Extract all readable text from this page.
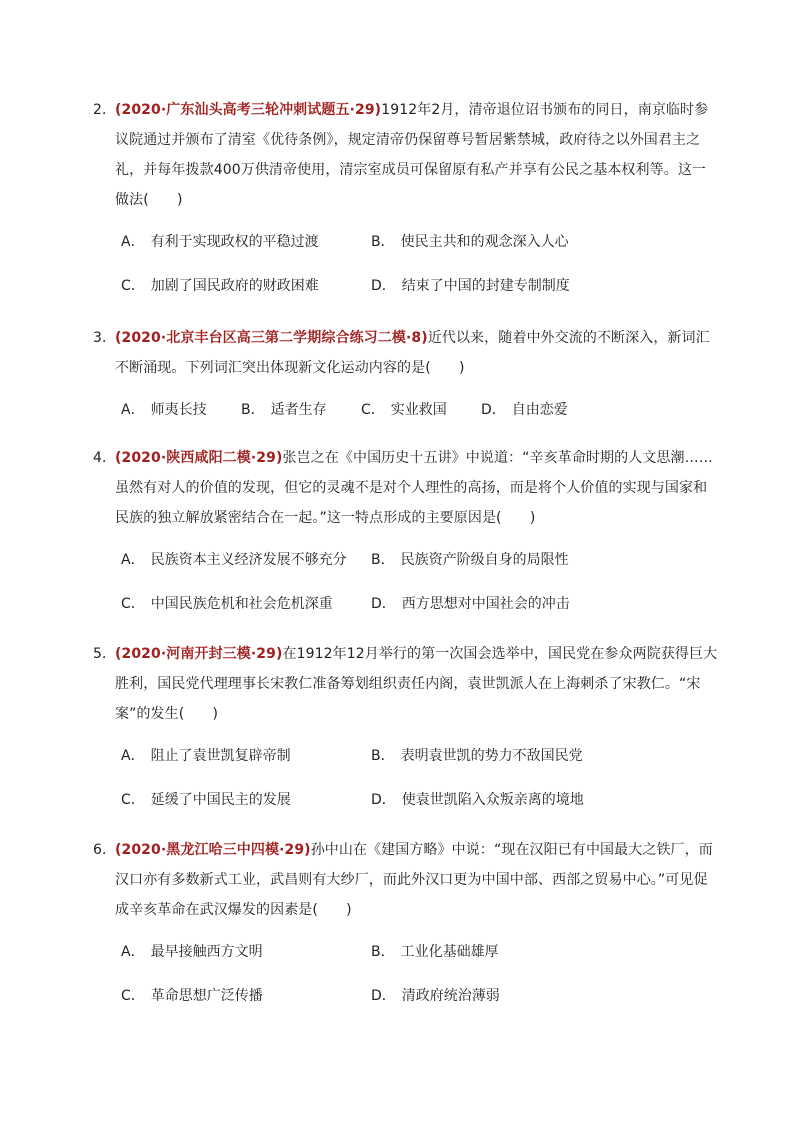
2．(2020·广东汕头高考三轮冲刺试题五·29)1912年2月，清帝退位诏书颁布的同日，南京临时参议院通过并颁布了清室《优待条例》，规定清帝仍保留尊号暂居紫禁城，政府待之以外国君主之礼，并每年拨款400万供清帝使用，清宗室成员可保留原有私产并享有公民之基本权利等。这一做法(　　)

A． 有利于实现政权的平稳过渡	B． 使民主共和的观念深入人心
C． 加剧了国民政府的财政困难	D． 结束了中国的封建专制制度

3．(2020·北京丰台区高三第二学期综合练习二模·8)近代以来，随着中外交流的不断深入，新词汇不断涌现。下列词汇突出体现新文化运动内容的是(　　)

A． 师夷长技	B． 适者生存	C． 实业救国	D． 自由恋爱

4．(2020·陕西咸阳二模·29)张岂之在《中国历史十五讲》中说道：“辛亥革命时期的人文思潮……虽然有对人的价值的发现，但它的灵魂不是对个人理性的高扬，而是将个人价值的实现与国家和民族的独立解放紧密结合在一起。”这一特点形成的主要原因是(　　)

A． 民族资本主义经济发展不够充分	B． 民族资产阶级自身的局限性
C． 中国民族危机和社会危机深重	D． 西方思想对中国社会的冲击

5．(2020·河南开封三模·29)在1912年12月举行的第一次国会选举中，国民党在参众两院获得巨大胜利，国民党代理理事长宋教仁准备筹划组织责任内阁，袁世凯派人在上海刺杀了宋教仁。“宋案”的发生(　　)

A． 阻止了袁世凯复辟帝制	B． 表明袁世凯的势力不敌国民党
C． 延缓了中国民主的发展	D． 使袁世凯陷入众叛亲离的境地

6．(2020·黑龙江哈三中四模·29)孙中山在《建国方略》中说：“现在汉阳已有中国最大之铁厂，而汉口亦有多数新式工业，武昌则有大纱厂，而此外汉口更为中国中部、西部之贸易中心。”可见促成辛亥革命在武汉爆发的因素是(　　)

A． 最早接触西方文明	B． 工业化基础雄厚
C． 革命思想广泛传播	D． 清政府统治薄弱
